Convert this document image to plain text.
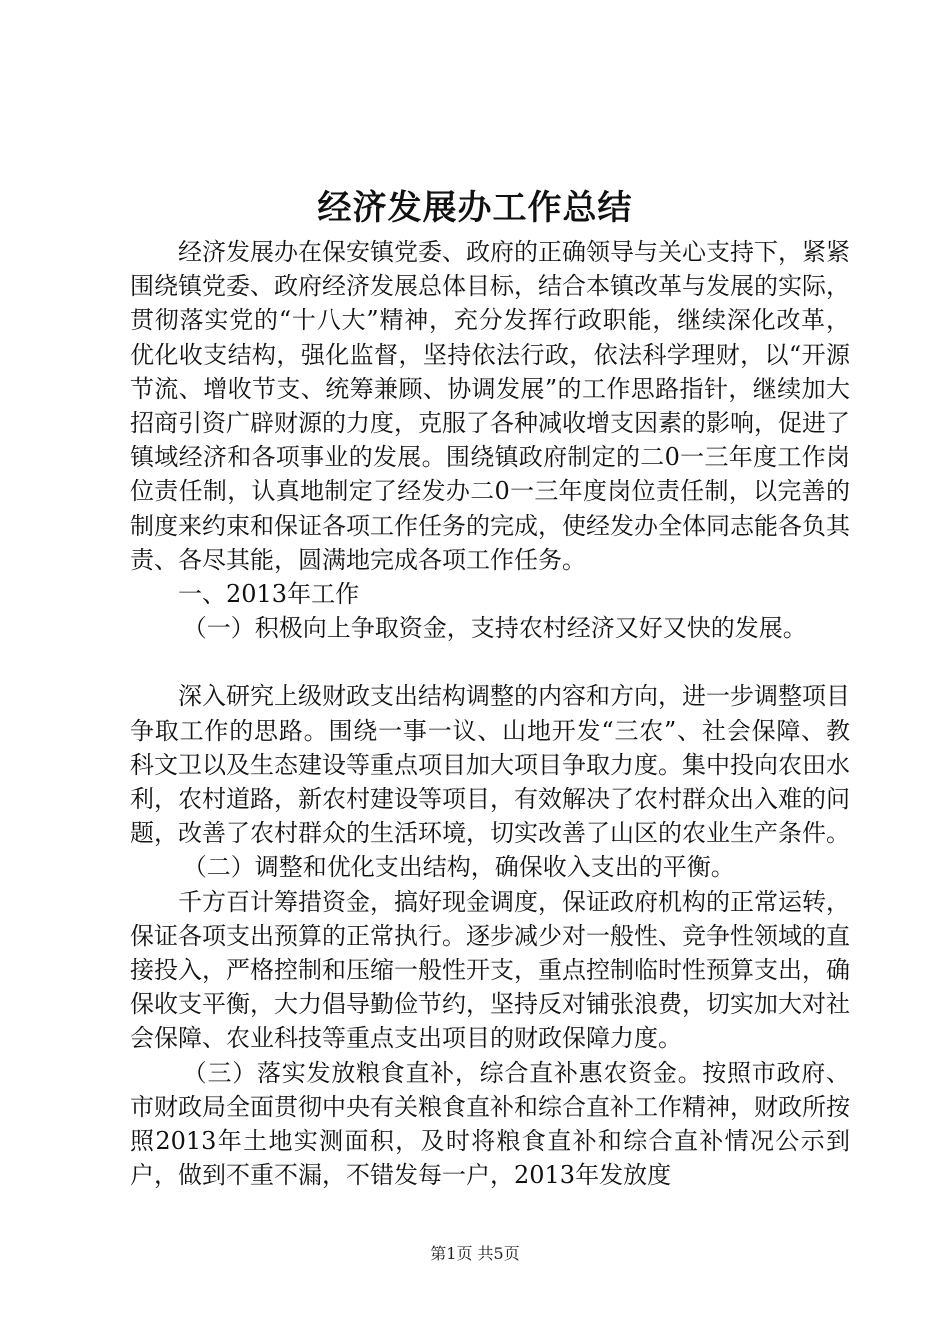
经济发展办工作总结

经济发展办在保安镇党委、政府的正确领导与关心支持下，紧紧围绕镇党委、政府经济发展总体目标，结合本镇改革与发展的实际，贯彻落实党的“十八大”精神，充分发挥行政职能，继续深化改革，优化收支结构，强化监督，坚持依法行政，依法科学理财，以“开源节流、增收节支、统筹兼顾、协调发展”的工作思路指针，继续加大招商引资广辟财源的力度，克服了各种减收增支因素的影响，促进了镇域经济和各项事业的发展。围绕镇政府制定的二0一三年度工作岗位责任制，认真地制定了经发办二0一三年度岗位责任制，以完善的制度来约束和保证各项工作任务的完成，使经发办全体同志能各负其责、各尽其能，圆满地完成各项工作任务。

一、2013年工作

（一）积极向上争取资金，支持农村经济又好又快的发展。

深入研究上级财政支出结构调整的内容和方向，进一步调整项目争取工作的思路。围绕一事一议、山地开发“三农”、社会保障、教科文卫以及生态建设等重点项目加大项目争取力度。集中投向农田水利，农村道路，新农村建设等项目，有效解决了农村群众出入难的问题，改善了农村群众的生活环境，切实改善了山区的农业生产条件。

（二）调整和优化支出结构，确保收入支出的平衡。

千方百计筹措资金，搞好现金调度，保证政府机构的正常运转，保证各项支出预算的正常执行。逐步减少对一般性、竞争性领域的直接投入，严格控制和压缩一般性开支，重点控制临时性预算支出，确保收支平衡，大力倡导勤俭节约，坚持反对铺张浪费，切实加大对社会保障、农业科技等重点支出项目的财政保障力度。

（三）落实发放粮食直补，综合直补惠农资金。按照市政府、市财政局全面贯彻中央有关粮食直补和综合直补工作精神，财政所按照2013年土地实测面积，及时将粮食直补和综合直补情况公示到户，做到不重不漏，不错发每一户，2013年发放度

第1页 共5页
